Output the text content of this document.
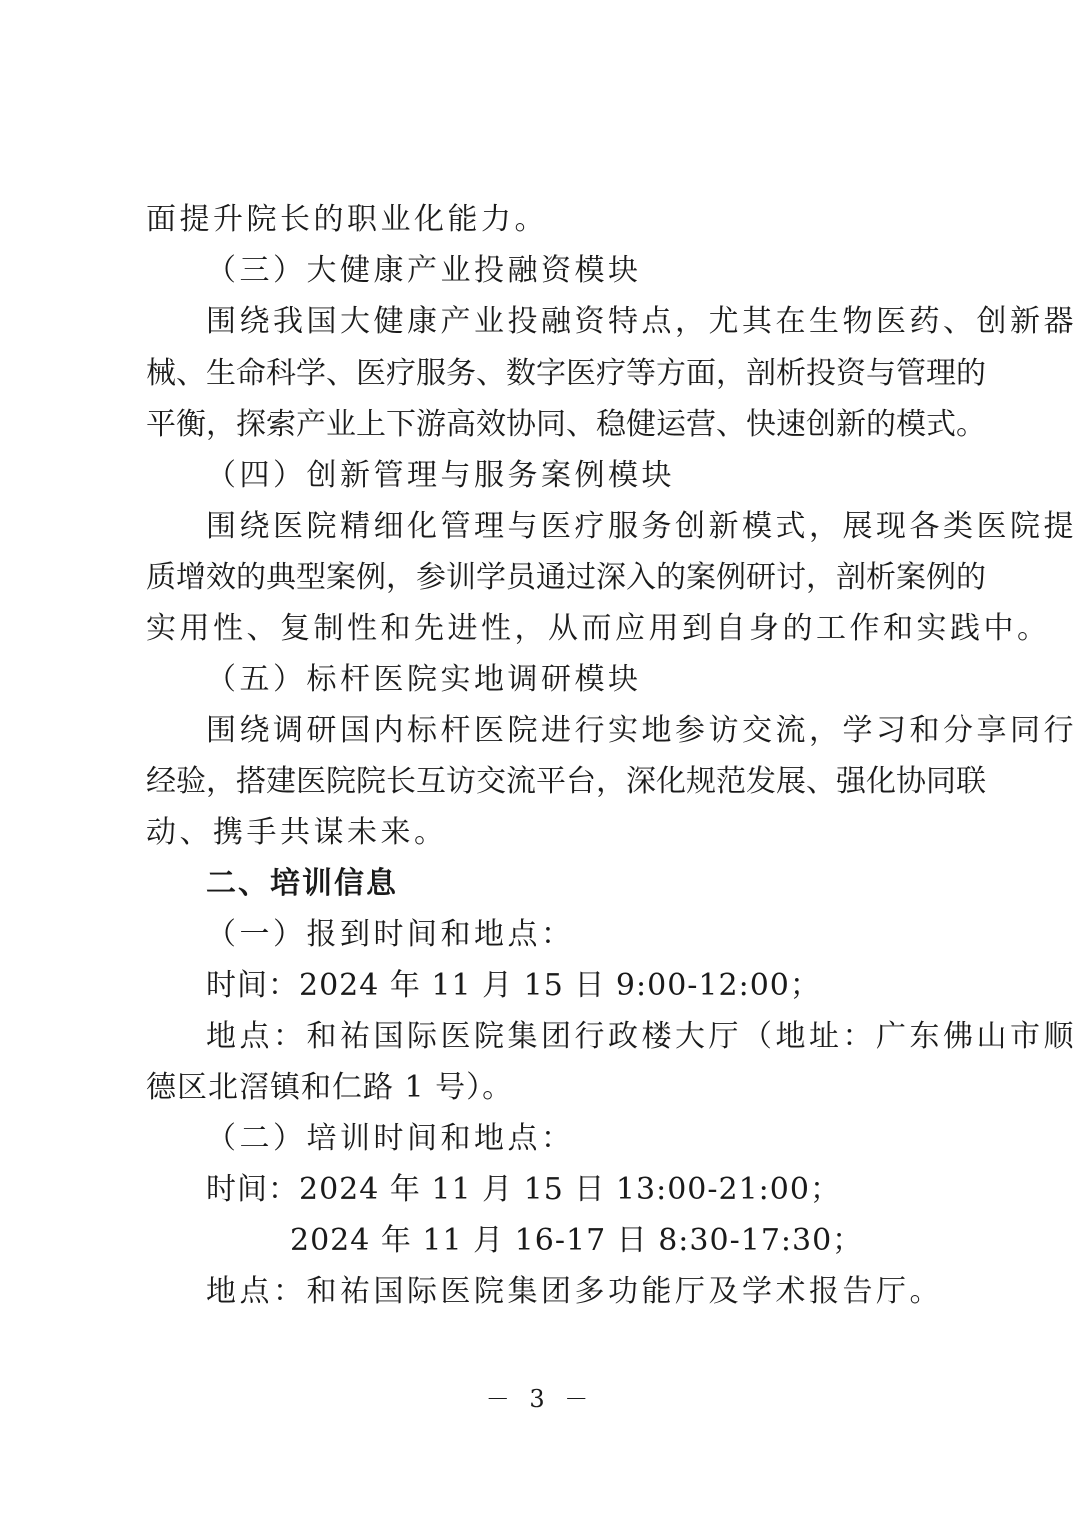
面提升院长的职业化能力。
（三）大健康产业投融资模块
围绕我国大健康产业投融资特点，尤其在生物医药、创新器
械、生命科学、医疗服务、数字医疗等方面，剖析投资与管理的
平衡，探索产业上下游高效协同、稳健运营、快速创新的模式。
（四）创新管理与服务案例模块
围绕医院精细化管理与医疗服务创新模式，展现各类医院提
质增效的典型案例，参训学员通过深入的案例研讨，剖析案例的
实用性、复制性和先进性，从而应用到自身的工作和实践中。
（五）标杆医院实地调研模块
围绕调研国内标杆医院进行实地参访交流，学习和分享同行
经验，搭建医院院长互访交流平台，深化规范发展、强化协同联
动、携手共谋未来。
二、培训信息
（一）报到时间和地点：
时间：2024 年 11 月 15 日 9:00-12:00；
地点：和祐国际医院集团行政楼大厅（地址：广东佛山市顺
德区北滘镇和仁路 1 号）。
（二）培训时间和地点：
时间：2024 年 11 月 15 日 13:00-21:00；
2024 年 11 月 16-17 日 8:30-17:30；
地点：和祐国际医院集团多功能厅及学术报告厅。
－ 3 －
